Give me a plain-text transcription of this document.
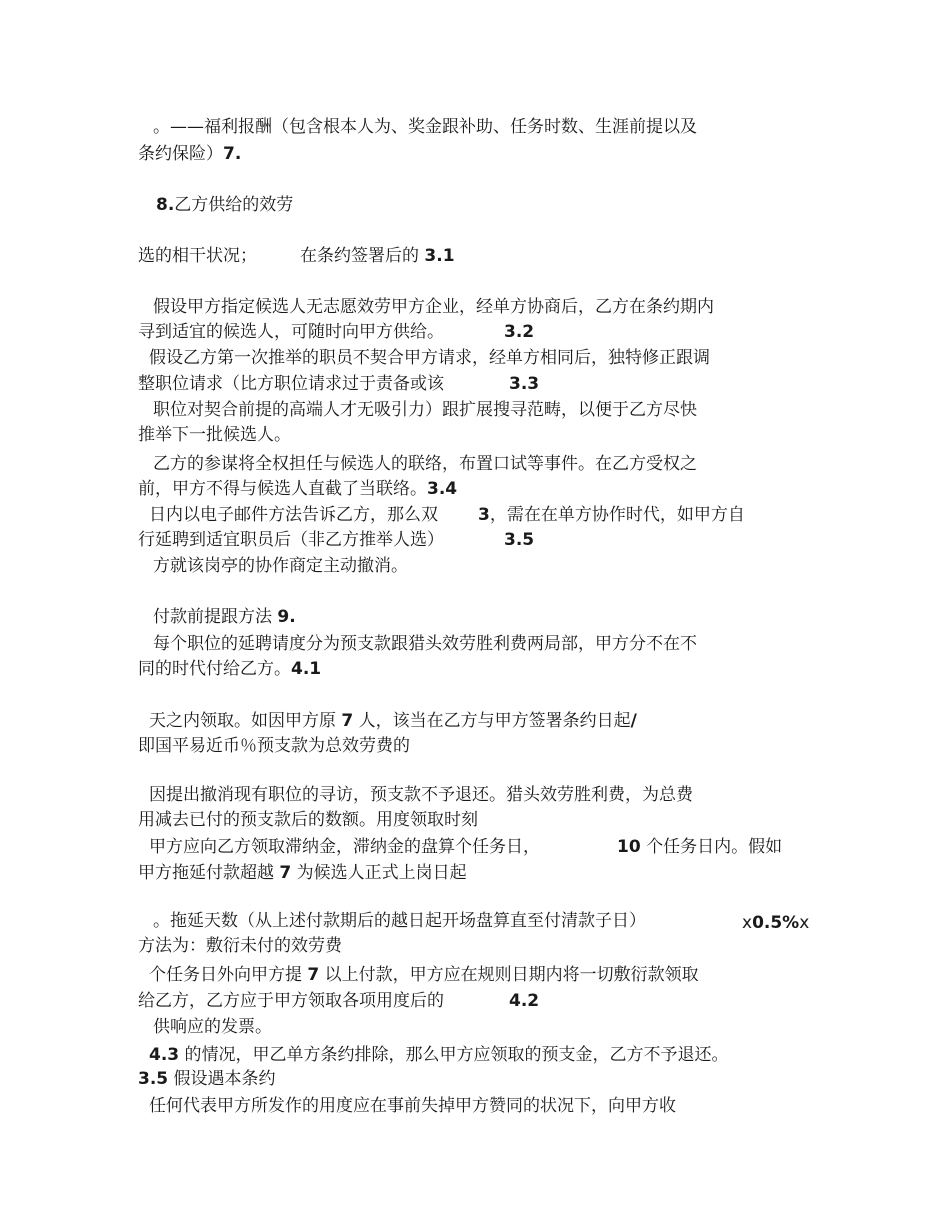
。——福利报酬（包含根本人为、奖金跟补助、任务时数、生涯前提以及
条约保险）7.
8.乙方供给的效劳
选的相干状况；	在条约签署后的 3.1
假设甲方指定候选人无志愿效劳甲方企业，经单方协商后，乙方在条约期内
寻到适宜的候选人，可随时向甲方供给。	3.2
假设乙方第一次推举的职员不契合甲方请求，经单方相同后，独特修正跟调
整职位请求（比方职位请求过于责备或该	3.3
职位对契合前提的高端人才无吸引力）跟扩展搜寻范畴，以便于乙方尽快
推举下一批候选人。
乙方的参谋将全权担任与候选人的联络，布置口试等事件。在乙方受权之
前，甲方不得与候选人直截了当联络。3.4
日内以电子邮件方法告诉乙方，那么双 3，需在在单方协作时代，如甲方自
行延聘到适宜职员后（非乙方推举人选）	3.5
方就该岗亭的协作商定主动撤消。
付款前提跟方法 9.
每个职位的延聘请度分为预支款跟猎头效劳胜利费两局部，甲方分不在不
同的时代付给乙方。4.1
天之内领取。如因甲方原 7 人，该当在乙方与甲方签署条约日起/
即国平易近币％预支款为总效劳费的
因提出撤消现有职位的寻访，预支款不予退还。猎头效劳胜利费，为总费
用减去已付的预支款后的数额。用度领取时刻
甲方应向乙方领取滞纳金，滞纳金的盘算个任务日，	10 个任务日内。假如
甲方拖延付款超越 7 为候选人正式上岗日起
。拖延天数（从上述付款期后的越日起开场盘算直至付清款子日）	x0.5%x
方法为：敷衍未付的效劳费
个任务日外向甲方提 7 以上付款，甲方应在规则日期内将一切敷衍款领取
给乙方，乙方应于甲方领取各项用度后的	4.2
供响应的发票。
4.3 的情况，甲乙单方条约排除，那么甲方应领取的预支金，乙方不予退还。
3.5 假设遇本条约
任何代表甲方所发作的用度应在事前失掉甲方赞同的状况下，向甲方收
